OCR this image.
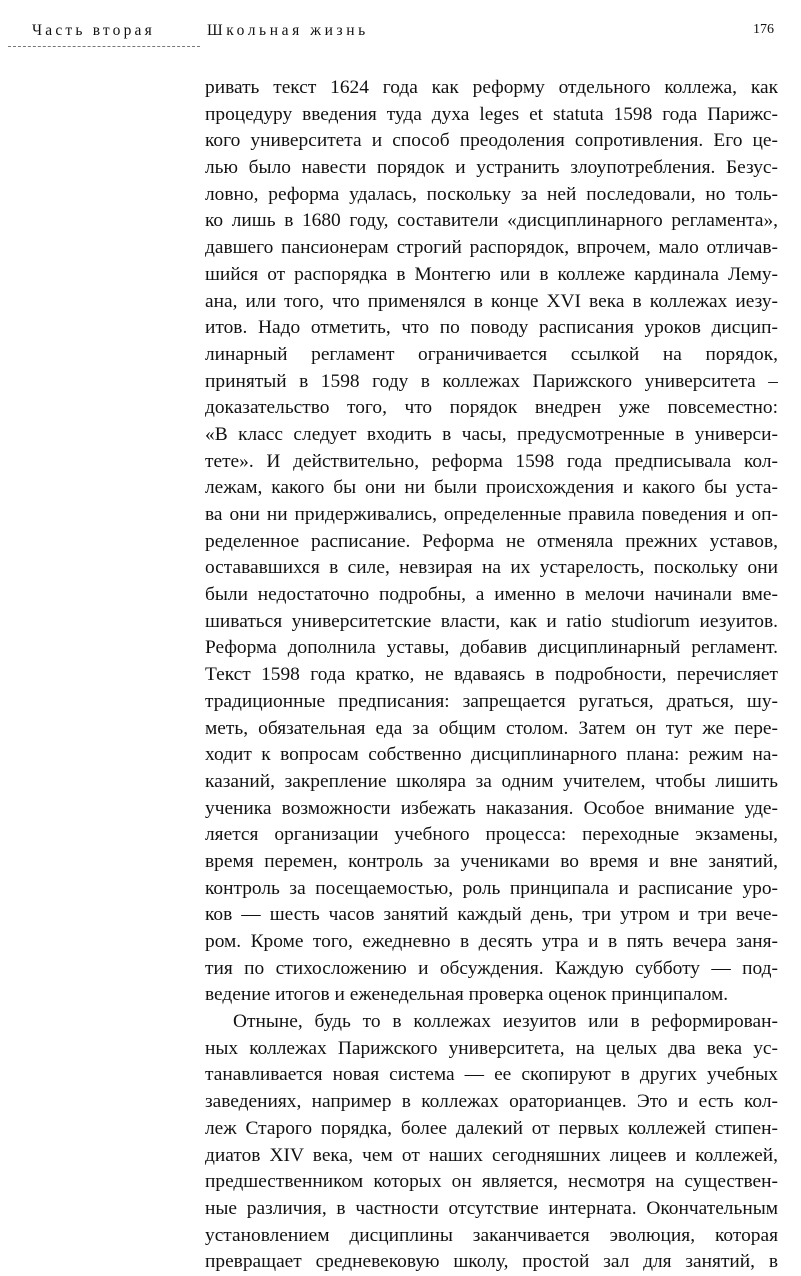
Часть вторая	Школьная жизнь	176
ривать текст 1624 года как реформу отдельного коллежа, как
процедуру введения туда духа leges et statuta 1598 года Парижс-
кого университета и способ преодоления сопротивления. Его це-
лью было навести порядок и устранить злоупотребления. Безус-
ловно, реформа удалась, поскольку за ней последовали, но толь-
ко лишь в 1680 году, составители «дисциплинарного регламента»,
давшего пансионерам строгий распорядок, впрочем, мало отличав-
шийся от распорядка в Монтегю или в коллеже кардинала Лему-
ана, или того, что применялся в конце XVI века в коллежах иезу-
итов. Надо отметить, что по поводу расписания уроков дисцип-
линарный регламент ограничивается ссылкой на порядок,
принятый в 1598 году в коллежах Парижского университета –
доказательство того, что порядок внедрен уже повсеместно:
«В класс следует входить в часы, предусмотренные в универси-
тете». И действительно, реформа 1598 года предписывала кол-
лежам, какого бы они ни были происхождения и какого бы уста-
ва они ни придерживались, определенные правила поведения и оп-
ределенное расписание. Реформа не отменяла прежних уставов,
остававшихся в силе, невзирая на их устарелость, поскольку они
были недостаточно подробны, а именно в мелочи начинали вме-
шиваться университетские власти, как и ratio studiorum иезуитов.
Реформа дополнила уставы, добавив дисциплинарный регламент.
Текст 1598 года кратко, не вдаваясь в подробности, перечисляет
традиционные предписания: запрещается ругаться, драться, шу-
меть, обязательная еда за общим столом. Затем он тут же пере-
ходит к вопросам собственно дисциплинарного плана: режим на-
казаний, закрепление школяра за одним учителем, чтобы лишить
ученика возможности избежать наказания. Особое внимание уде-
ляется организации учебного процесса: переходные экзамены,
время перемен, контроль за учениками во время и вне занятий,
контроль за посещаемостью, роль принципала и расписание уро-
ков — шесть часов занятий каждый день, три утром и три вече-
ром. Кроме того, ежедневно в десять утра и в пять вечера заня-
тия по стихосложению и обсуждения. Каждую субботу — под-
ведение итогов и еженедельная проверка оценок принципалом.
Отныне, будь то в коллежах иезуитов или в реформирован-
ных коллежах Парижского университета, на целых два века ус-
танавливается новая система — ее скопируют в других учебных
заведениях, например в коллежах ораторианцев. Это и есть кол-
леж Старого порядка, более далекий от первых коллежей стипен-
диатов XIV века, чем от наших сегодняшних лицеев и коллежей,
предшественником которых он является, несмотря на существен-
ные различия, в частности отсутствие интерната. Окончательным
установлением дисциплины заканчивается эволюция, которая
превращает средневековую школу, простой зал для занятий, в
